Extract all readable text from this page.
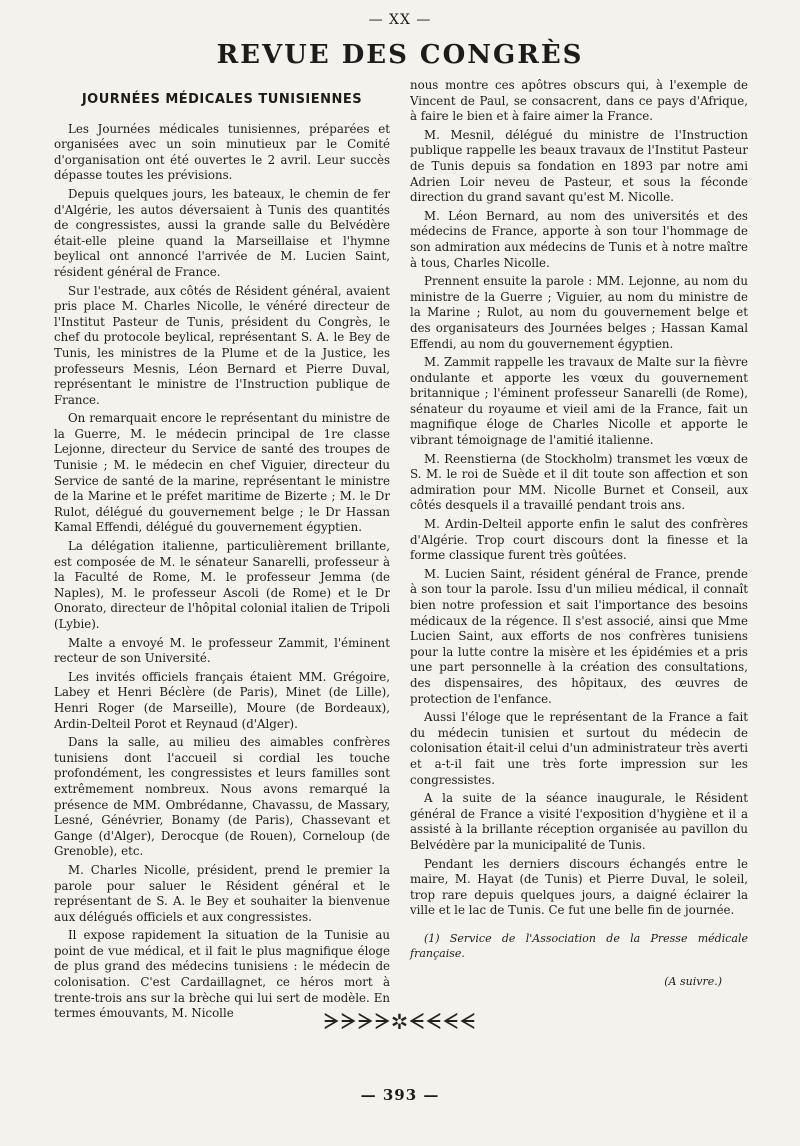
— XX —
REVUE DES CONGRÈS
JOURNÉES MÉDICALES TUNISIENNES

Les Journées médicales tunisiennes, préparées et organisées avec un soin minutieux par le Comité d'organisation ont été ouvertes le 2 avril. Leur succès dépasse toutes les prévisions.

Depuis quelques jours, les bateaux, le chemin de fer d'Algérie, les autos déversaient à Tunis des quantités de congressistes, aussi la grande salle du Belvédère était-elle pleine quand la Marseillaise et l'hymne beylical ont annoncé l'arrivée de M. Lucien Saint, résident général de France.

Sur l'estrade, aux côtés de Résident général, avaient pris place M. Charles Nicolle, le vénéré directeur de l'Institut Pasteur de Tunis, président du Congrès, le chef du protocole beylical, représentant S. A. le Bey de Tunis, les ministres de la Plume et de la Justice, les professeurs Mesnis, Léon Bernard et Pierre Duval, représentant le ministre de l'Instruction publique de France.

On remarquait encore le représentant du ministre de la Guerre, M. le médecin principal de 1re classe Lejonne, directeur du Service de santé des troupes de Tunisie ; M. le médecin en chef Viguier, directeur du Service de santé de la marine, représentant le ministre de la Marine et le préfet maritime de Bizerte ; M. le Dr Rulot, délégué du gouvernement belge ; le Dr Hassan Kamal Effendi, délégué du gouvernement égyptien.

La délégation italienne, particulièrement brillante, est composée de M. le sénateur Sanarelli, professeur à la Faculté de Rome, M. le professeur Jemma (de Naples), M. le professeur Ascoli (de Rome) et le Dr Onorato, directeur de l'hôpital colonial italien de Tripoli (Lybie).

Malte a envoyé M. le professeur Zammit, l'éminent recteur de son Université.

Les invités officiels français étaient MM. Grégoire, Labey et Henri Béclère (de Paris), Minet (de Lille), Henri Roger (de Marseille), Moure (de Bordeaux), Ardin-Delteil Porot et Reynaud (d'Alger).

Dans la salle, au milieu des aimables confrères tunisiens dont l'accueil si cordial les touche profondément, les congressistes et leurs familles sont extrêmement nombreux. Nous avons remarqué la présence de MM. Ombrédanne, Chavassu, de Massary, Lesné, Génévrier, Bonamy (de Paris), Chassevant et Gange (d'Alger), Derocque (de Rouen), Corneloup (de Grenoble), etc.

M. Charles Nicolle, président, prend le premier la parole pour saluer le Résident général et le représentant de S. A. le Bey et souhaiter la bienvenue aux délégués officiels et aux congressistes.

Il expose rapidement la situation de la Tunisie au point de vue médical, et il fait le plus magnifique éloge de plus grand des médecins tunisiens : le médecin de colonisation. C'est Cardaillagnet, ce héros mort à trente-trois ans sur la brèche qui lui sert de modèle. En termes émouvants, M. Nicolle

nous montre ces apôtres obscurs qui, à l'exemple de Vincent de Paul, se consacrent, dans ce pays d'Afrique, à faire le bien et à faire aimer la France.

M. Mesnil, délégué du ministre de l'Instruction publique rappelle les beaux travaux de l'Institut Pasteur de Tunis depuis sa fondation en 1893 par notre ami Adrien Loir neveu de Pasteur, et sous la féconde direction du grand savant qu'est M. Nicolle.

M. Léon Bernard, au nom des universités et des médecins de France, apporte à son tour l'hommage de son admiration aux médecins de Tunis et à notre maître à tous, Charles Nicolle.

Prennent ensuite la parole : MM. Lejonne, au nom du ministre de la Guerre ; Viguier, au nom du ministre de la Marine ; Rulot, au nom du gouvernement belge et des organisateurs des Journées belges ; Hassan Kamal Effendi, au nom du gouvernement égyptien.

M. Zammit rappelle les travaux de Malte sur la fièvre ondulante et apporte les vœux du gouvernement britannique ; l'éminent professeur Sanarelli (de Rome), sénateur du royaume et vieil ami de la France, fait un magnifique éloge de Charles Nicolle et apporte le vibrant témoignage de l'amitié italienne.

M. Reenstierna (de Stockholm) transmet les vœux de S. M. le roi de Suède et il dit toute son affection et son admiration pour MM. Nicolle Burnet et Conseil, aux côtés desquels il a travaillé pendant trois ans.

M. Ardin-Delteil apporte enfin le salut des confrères d'Algérie. Trop court discours dont la finesse et la forme classique furent très goûtées.

M. Lucien Saint, résident général de France, prende à son tour la parole. Issu d'un milieu médical, il connaît bien notre profession et sait l'importance des besoins médicaux de la régence. Il s'est associé, ainsi que Mme Lucien Saint, aux efforts de nos confrères tunisiens pour la lutte contre la misère et les épidémies et a pris une part personnelle à la création des consultations, des dispensaires, des hôpitaux, des œuvres de protection de l'enfance.

Aussi l'éloge que le représentant de la France a fait du médecin tunisien et surtout du médecin de colonisation était-il celui d'un administrateur très averti et a-t-il fait une très forte impression sur les congressistes.

A la suite de la séance inaugurale, le Résident général de France a visité l'exposition d'hygiène et il a assisté à la brillante réception organisée au pavillon du Belvédère par la municipalité de Tunis.

Pendant les derniers discours échangés entre le maire, M. Hayat (de Tunis) et Pierre Duval, le soleil, trop rare depuis quelques jours, a daigné éclairer la ville et le lac de Tunis. Ce fut une belle fin de journée.

(1) Service de l'Association de la Presse médicale française.
(A suivre.)
ᗒᗒᗒᗒ✲ᗕᗕᗕᗕ
— 393 —
